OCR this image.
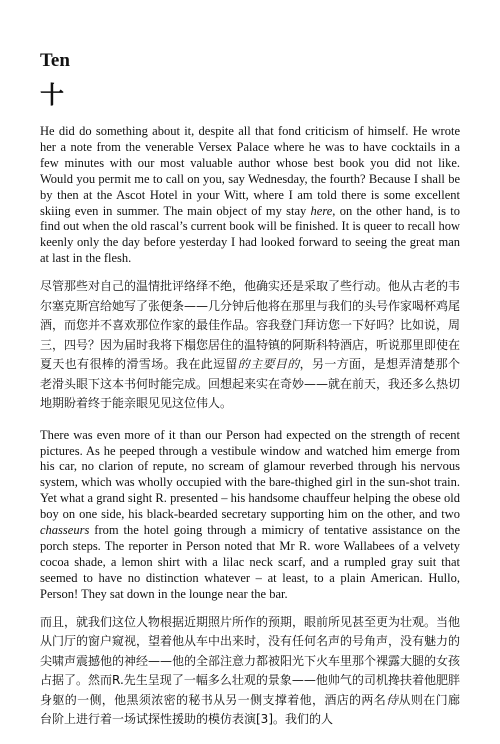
Ten
十

He did do something about it, despite all that fond criticism of himself. He wrote her a note from the venerable Versex Palace where he was to have cocktails in a few minutes with our most valuable author whose best book you did not like. Would you permit me to call on you, say Wednesday, the fourth? Because I shall be by then at the Ascot Hotel in your Witt, where I am told there is some excellent skiing even in summer. The main object of my stay here, on the other hand, is to find out when the old rascal’s current book will be finished. It is queer to recall how keenly only the day before yesterday I had looked forward to seeing the great man at last in the flesh.

尽管那些对自己的温情批评络绎不绝，他确实还是采取了些行动。他从古老的韦尔塞克斯宫给她写了张便条——几分钟后他将在那里与我们的头号作家喝杯鸡尾酒，而您并不喜欢那位作家的最佳作品。容我登门拜访您一下好吗？比如说，周三，四号？因为届时我将下榻您居住的温特镇的阿斯科特酒店，听说那里即使在夏天也有很棒的滑雪场。我在此逗留的主要目的，另一方面，是想弄清楚那个老滑头眼下这本书何时能完成。回想起来实在奇妙——就在前天，我还多么热切地期盼着终于能亲眼见见这位伟人。

There was even more of it than our Person had expected on the strength of recent pictures. As he peeped through a vestibule window and watched him emerge from his car, no clarion of repute, no scream of glamour reverbed through his nervous system, which was wholly occupied with the bare-thighed girl in the sun-shot train. Yet what a grand sight R. presented – his handsome chauffeur helping the obese old boy on one side, his black-bearded secretary supporting him on the other, and two chasseurs from the hotel going through a mimicry of tentative assistance on the porch steps. The reporter in Person noted that Mr R. wore Wallabees of a velvety cocoa shade, a lemon shirt with a lilac neck scarf, and a rumpled gray suit that seemed to have no distinction whatever – at least, to a plain American. Hullo, Person! They sat down in the lounge near the bar.

而且，就我们这位人物根据近期照片所作的预期，眼前所见甚至更为壮观。当他从门厅的窗户窥视，望着他从车中出来时，没有任何名声的号角声，没有魅力的尖啸声震撼他的神经——他的全部注意力都被阳光下火车里那个裸露大腿的女孩占据了。然而R.先生呈现了一幅多么壮观的景象——他帅气的司机搀扶着他肥胖身躯的一侧，他黑须浓密的秘书从另一侧支撑着他，酒店的两名侍从则在门廊台阶上进行着一场试探性援助的模仿表演[3]。我们的人
